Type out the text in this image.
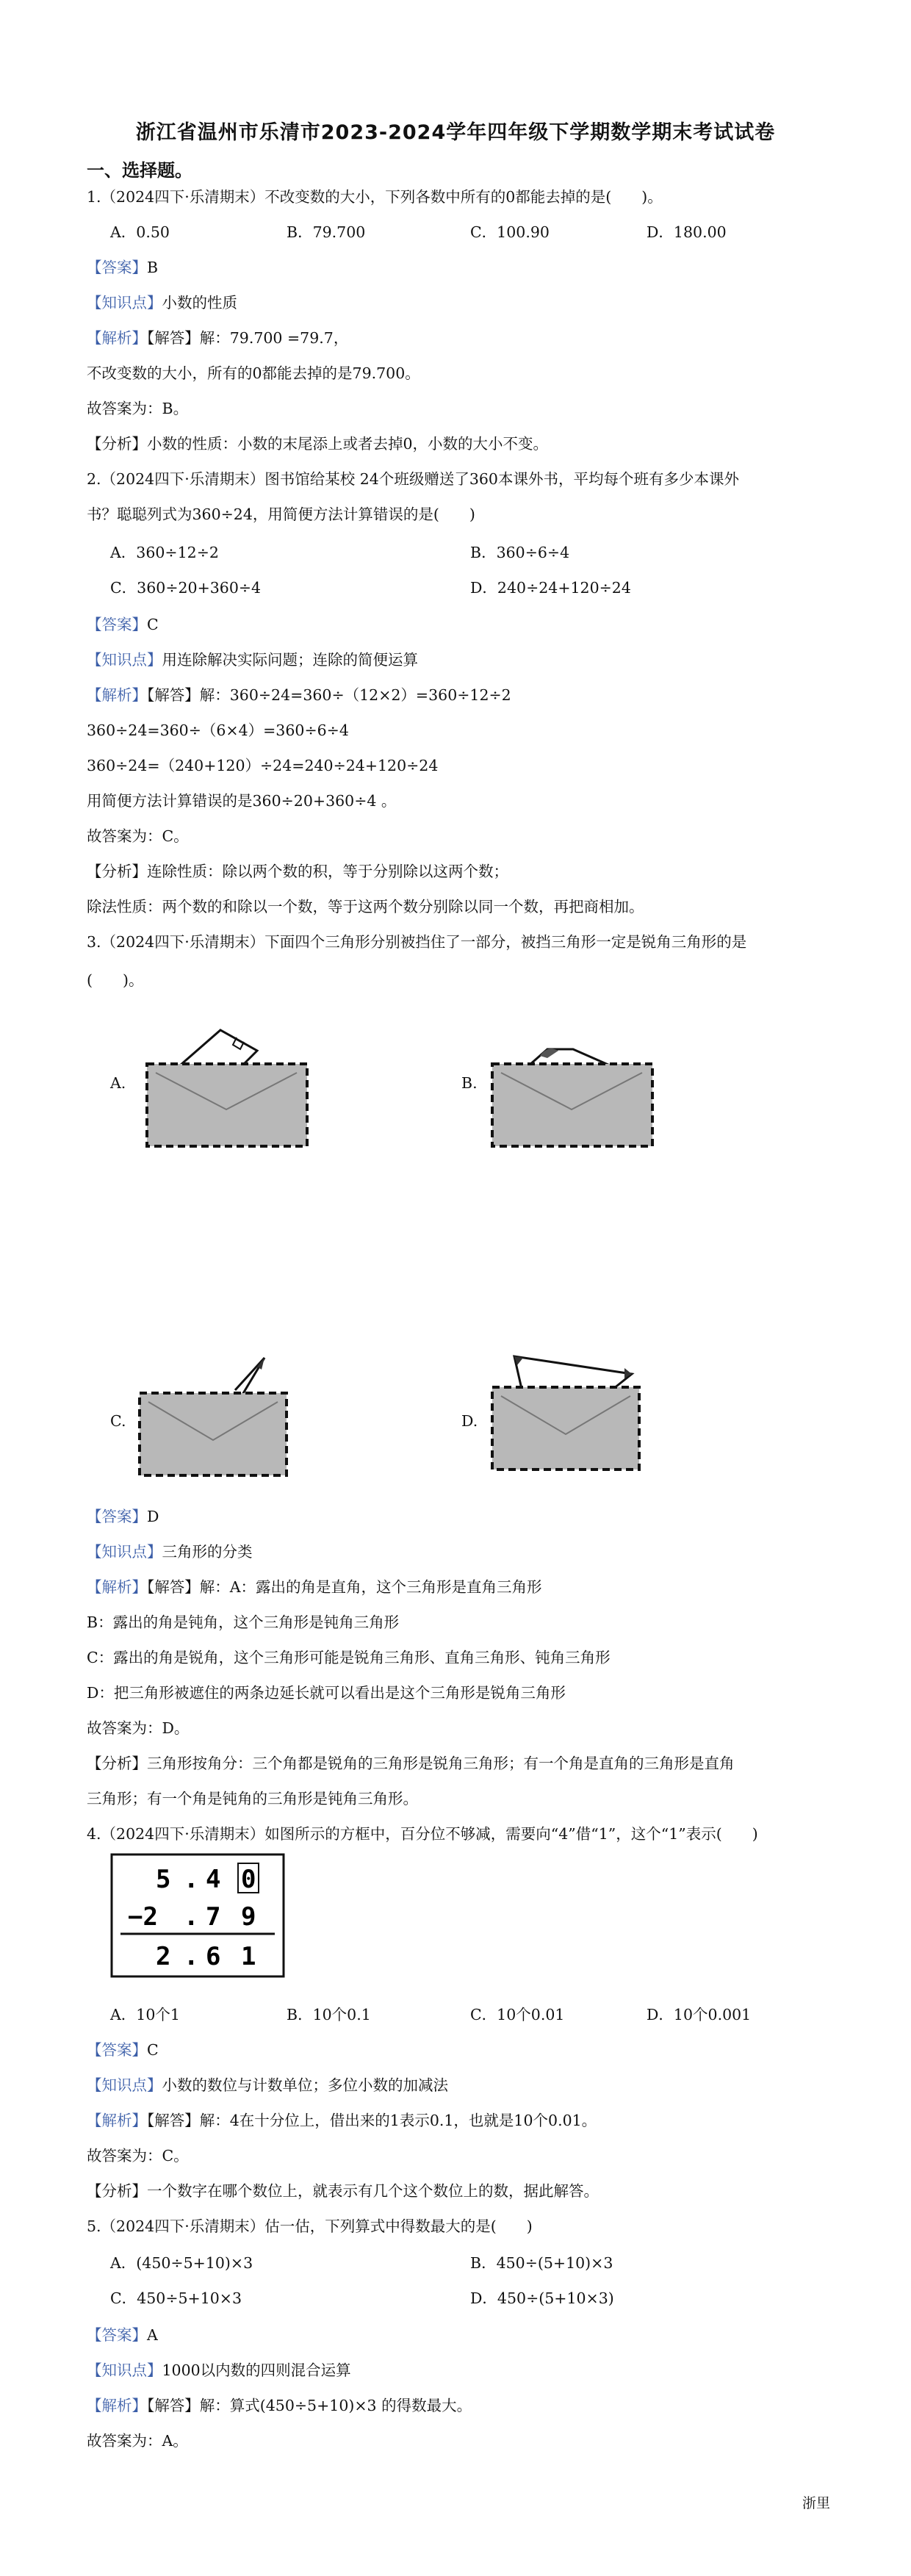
浙江省温州市乐清市2023-2024学年四年级下学期数学期末考试试卷
一、选择题。
1.（2024四下·乐清期末）不改变数的大小，下列各数中所有的0都能去掉的是(　　)。
A．0.50	B．79.700	C．100.90	D．180.00
【答案】B
【知识点】小数的性质
【解析】【解答】解：79.700 =79.7，
不改变数的大小，所有的0都能去掉的是79.700。
故答案为：B。
【分析】小数的性质：小数的末尾添上或者去掉0，小数的大小不变。
2.（2024四下·乐清期末）图书馆给某校 24个班级赠送了360本课外书，平均每个班有多少本课外
书？聪聪列式为360÷24，用简便方法计算错误的是(　　)
A．360÷12÷2	B．360÷6÷4
C．360÷20+360÷4	D．240÷24+120÷24
【答案】C
【知识点】用连除解决实际问题；连除的简便运算
【解析】【解答】解：360÷24=360÷（12×2）=360÷12÷2
360÷24=360÷（6×4）=360÷6÷4
360÷24=（240+120）÷24=240÷24+120÷24
用简便方法计算错误的是360÷20+360÷4 。
故答案为：C。
【分析】连除性质：除以两个数的积，等于分别除以这两个数；
除法性质：两个数的和除以一个数，等于这两个数分别除以同一个数，再把商相加。
3.（2024四下·乐清期末）下面四个三角形分别被挡住了一部分，被挡三角形一定是锐角三角形的是
(　　)。
A.	B.
C.	D.
【答案】D
【知识点】三角形的分类
【解析】【解答】解：A：露出的角是直角，这个三角形是直角三角形
B：露出的角是钝角，这个三角形是钝角三角形
C：露出的角是锐角，这个三角形可能是锐角三角形、直角三角形、钝角三角形
D：把三角形被遮住的两条边延长就可以看出是这个三角形是锐角三角形
故答案为：D。
【分析】三角形按角分：三个角都是锐角的三角形是锐角三角形；有一个角是直角的三角形是直角
三角形；有一个角是钝角的三角形是钝角三角形。
4.（2024四下·乐清期末）如图所示的方框中，百分位不够减，需要向“4”借“1”，这个“1”表示(　　)
5 . 4 0
−2 . 7 9
2 . 6 1
A．10个1	B．10个0.1	C．10个0.01	D．10个0.001
【答案】C
【知识点】小数的数位与计数单位；多位小数的加减法
【解析】【解答】解：4在十分位上，借出来的1表示0.1，也就是10个0.01。
故答案为：C。
【分析】一个数字在哪个数位上，就表示有几个这个数位上的数，据此解答。
5.（2024四下·乐清期末）估一估，下列算式中得数最大的是(　　)
A．(450÷5+10)×3	B．450÷(5+10)×3
C．450÷5+10×3	D．450÷(5+10×3)
【答案】A
【知识点】1000以内数的四则混合运算
【解析】【解答】解：算式(450÷5+10)×3 的得数最大。
故答案为：A。
浙里
